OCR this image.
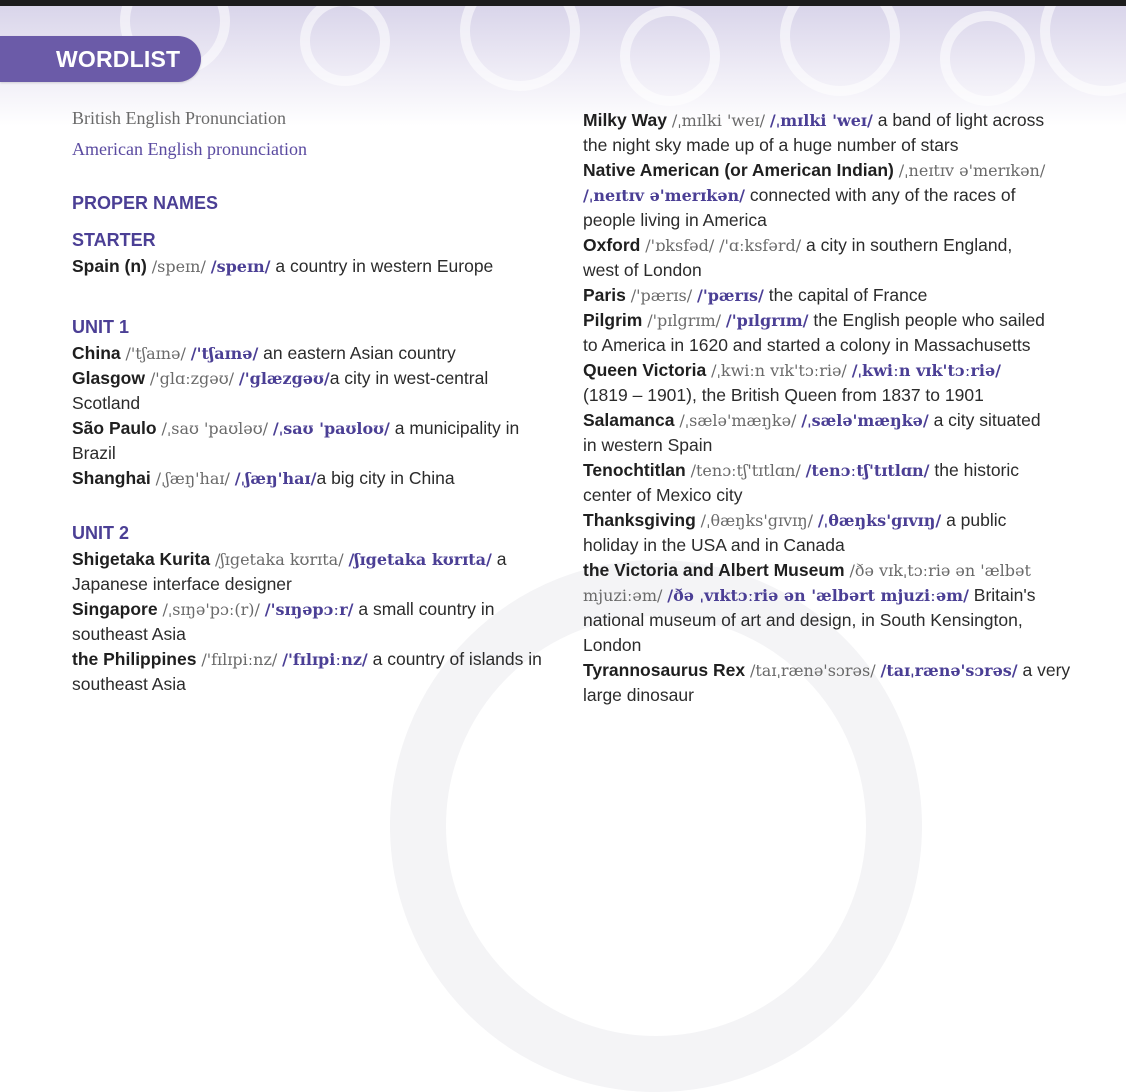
WORDLIST
British English Pronunciation
American English pronunciation
PROPER NAMES
STARTER
UNIT 1
UNIT 2
Spain (n) /speɪn/ /speɪn/ a country in western Europe
China /'tʃaɪnə/ /'tʃaɪnə/ an eastern Asian country
Glasgow /'glɑːzgəʊ/ /'glæzgəʊ/a city in west-central
Scotland
São Paulo /ˌsaʊ 'paʊləʊ/ /ˌsaʊ 'paʊloʊ/ a municipality in
Brazil
Shanghai /ˌʃæŋ'haɪ/ /ˌʃæŋ'haɪ/a big city in China
Shigetaka Kurita /ʃɪgetaka kʊrɪta/ /ʃɪgetaka kʊrɪta/ a
Japanese interface designer
Singapore /ˌsɪŋə'pɔː(r)/ /'sɪŋəpɔːr/ a small country in
southeast Asia
the Philippines /'fɪlɪpiːnz/ /'fɪlɪpiːnz/ a country of islands in
southeast Asia
Milky Way /ˌmɪlki 'weɪ/ /ˌmɪlki 'weɪ/ a band of light across
the night sky made up of a huge number of stars
Native American (or American Indian) /ˌneɪtɪv ə'merɪkən/
/ˌneɪtɪv ə'merɪkən/ connected with any of the races of
people living in America
Oxford /'ɒksfəd/ /'ɑːksfərd/ a city in southern England,
west of London
Paris /'pærɪs/ /'pærɪs/ the capital of France
Pilgrim /'pɪlgrɪm/ /'pɪlgrɪm/ the English people who sailed
to America in 1620 and started a colony in Massachusetts
Queen Victoria /ˌkwiːn vɪk'tɔːriə/ /ˌkwiːn vɪk'tɔːriə/
(1819 – 1901), the British Queen from 1837 to 1901
Salamanca /ˌsælə'mæŋkə/ /ˌsælə'mæŋkə/ a city situated
in western Spain
Tenochtitlan /tenɔːtʃ'tɪtlɑn/ /tenɔːtʃ'tɪtlɑn/ the historic
center of Mexico city
Thanksgiving /ˌθæŋks'gɪvɪŋ/ /ˌθæŋks'gɪvɪŋ/ a public
holiday in the USA and in Canada
the Victoria and Albert Museum /ðə vɪkˌtɔːriə ən 'ælbət
mjuziːəm/ /ðə ˌvɪktɔːriə ən 'ælbərt mjuziːəm/ Britain's
national museum of art and design, in South Kensington,
London
Tyrannosaurus Rex /taɪˌrænə'sɔrəs/ /taɪˌrænə'sɔrəs/ a very
large dinosaur
